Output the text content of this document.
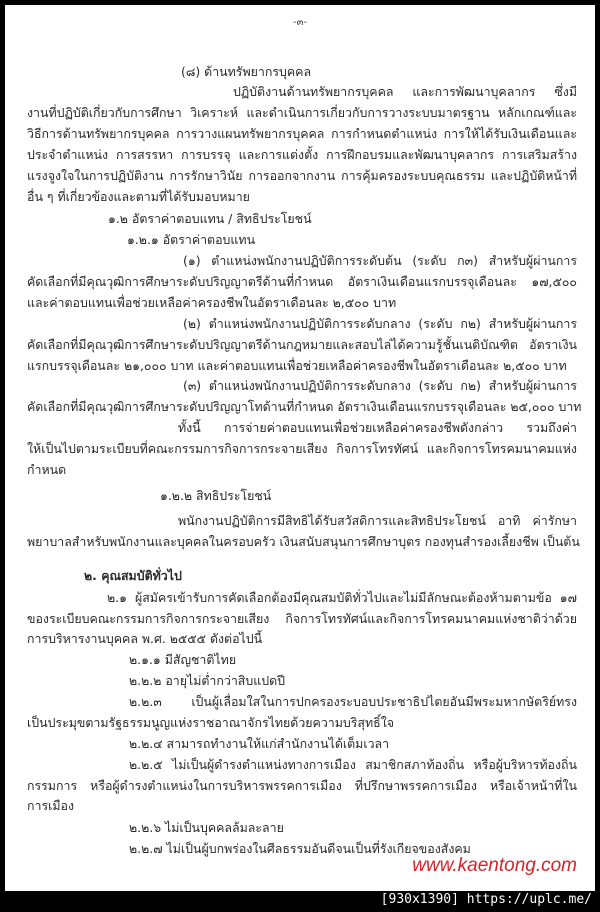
-๓-
(๘) ด้านทรัพยากรบุคคล
ปฏิบัติงานด้านทรัพยากรบุคคล และการพัฒนาบุคลากร ซึ่งมี
งานที่ปฏิบัติเกี่ยวกับการศึกษา วิเคราะห์ และดำเนินการเกี่ยวกับการวางระบบมาตรฐาน หลักเกณฑ์และ
วิธีการด้านทรัพยากรบุคคล การวางแผนทรัพยากรบุคคล การกำหนดตำแหน่ง การให้ได้รับเงินเดือนและ
ประจำตำแหน่ง การสรรหา การบรรจุ และการแต่งตั้ง การฝึกอบรมและพัฒนาบุคลากร การเสริมสร้าง
แรงจูงใจในการปฏิบัติงาน การรักษาวินัย การออกจากงาน การคุ้มครองระบบคุณธรรม และปฏิบัติหน้าที่
อื่น ๆ ที่เกี่ยวข้องและตามที่ได้รับมอบหมาย
๑.๒ อัตราค่าตอบแทน / สิทธิประโยชน์
๑.๒.๑ อัตราค่าตอบแทน
(๑) ตำแหน่งพนักงานปฏิบัติการระดับต้น (ระดับ ก๓) สำหรับผู้ผ่านการ
คัดเลือกที่มีคุณวุฒิการศึกษาระดับปริญญาตรีด้านที่กำหนด อัตราเงินเดือนแรกบรรจุเดือนละ ๑๗,๕๐๐
และค่าตอบแทนเพื่อช่วยเหลือค่าครองชีพในอัตราเดือนละ ๒,๕๐๐ บาท
(๒) ตำแหน่งพนักงานปฏิบัติการระดับกลาง (ระดับ ก๒) สำหรับผู้ผ่านการ
คัดเลือกที่มีคุณวุฒิการศึกษาระดับปริญญาตรีด้านกฎหมายและสอบไล่ได้ความรู้ชั้นเนติบัณฑิต อัตราเงิน
แรกบรรจุเดือนละ ๒๑,๐๐๐ บาท และค่าตอบแทนเพื่อช่วยเหลือค่าครองชีพในอัตราเดือนละ ๒,๕๐๐ บาท
(๓) ตำแหน่งพนักงานปฏิบัติการระดับกลาง (ระดับ ก๒) สำหรับผู้ผ่านการ
คัดเลือกที่มีคุณวุฒิการศึกษาระดับปริญญาโทด้านที่กำหนด อัตราเงินเดือนแรกบรรจุเดือนละ ๒๕,๐๐๐ บาท
ทั้งนี้ การจ่ายค่าตอบแทนเพื่อช่วยเหลือค่าครองชีพดังกล่าว รวมถึงค่า
ให้เป็นไปตามระเบียบที่คณะกรรมการกิจการกระจายเสียง กิจการโทรทัศน์ และกิจการโทรคมนาคมแห่ง
กำหนด
๑.๒.๒ สิทธิประโยชน์
พนักงานปฏิบัติการมีสิทธิได้รับสวัสดิการและสิทธิประโยชน์ อาทิ ค่ารักษา
พยาบาลสำหรับพนักงานและบุคคลในครอบครัว เงินสนับสนุนการศึกษาบุตร กองทุนสำรองเลี้ยงชีพ เป็นต้น
๒. คุณสมบัติทั่วไป
๒.๑ ผู้สมัครเข้ารับการคัดเลือกต้องมีคุณสมบัติทั่วไปและไม่มีลักษณะต้องห้ามตามข้อ ๑๗
ของระเบียบคณะกรรมการกิจการกระจายเสียง กิจการโทรทัศน์และกิจการโทรคมนาคมแห่งชาติว่าด้วย
การบริหารงานบุคคล พ.ศ. ๒๕๕๕ ดังต่อไปนี้
๒.๑.๑ มีสัญชาติไทย
๒.๒.๒ อายุไม่ต่ำกว่าสิบแปดปี
๒.๒.๓ เป็นผู้เลื่อมใสในการปกครองระบอบประชาธิปไตยอันมีพระมหากษัตริย์ทรง
เป็นประมุขตามรัฐธรรมนูญแห่งราชอาณาจักรไทยด้วยความบริสุทธิ์ใจ
๒.๒.๔ สามารถทำงานให้แก่สำนักงานได้เต็มเวลา
๒.๒.๕ ไม่เป็นผู้ดำรงตำแหน่งทางการเมือง สมาชิกสภาท้องถิ่น หรือผู้บริหารท้องถิ่น
กรรมการ หรือผู้ดำรงตำแหน่งในการบริหารพรรคการเมือง ที่ปรึกษาพรรคการเมือง หรือเจ้าหน้าที่ใน
การเมือง
๒.๒.๖ ไม่เป็นบุคคลล้มละลาย
๒.๒.๗ ไม่เป็นผู้บกพร่องในศีลธรรมอันดีจนเป็นที่รังเกียจของสังคม
www.kaentong.com
[930x1390] https://uplc.me/
